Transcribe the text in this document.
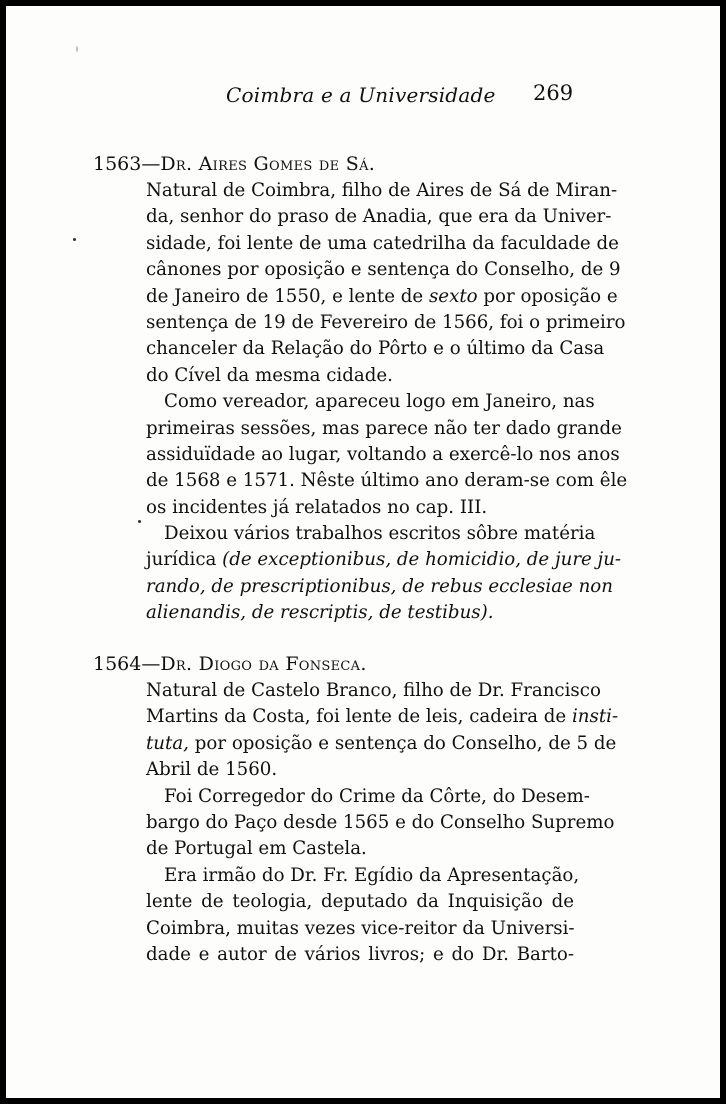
Coimbra e a Universidade 269
1563—Dr. Aires Gomes de Sá.
Natural de Coimbra, filho de Aires de Sá de Miran-
da, senhor do praso de Anadia, que era da Univer-
sidade, foi lente de uma catedrilha da faculdade de
cânones por oposição e sentença do Conselho, de 9
de Janeiro de 1550, e lente de sexto por oposição e
sentença de 19 de Fevereiro de 1566, foi o primeiro
chanceler da Relação do Pôrto e o último da Casa
do Cível da mesma cidade.
Como vereador, apareceu logo em Janeiro, nas
primeiras sessões, mas parece não ter dado grande
assiduïdade ao lugar, voltando a exercê-lo nos anos
de 1568 e 1571. Nêste último ano deram-se com êle
os incidentes já relatados no cap. III.
Deixou vários trabalhos escritos sôbre matéria
jurídica (de exceptionibus, de homicidio, de jure ju-
rando, de prescriptionibus, de rebus ecclesiae non
alienandis, de rescriptis, de testibus).
1564—Dr. Diogo da Fonseca.
Natural de Castelo Branco, filho de Dr. Francisco
Martins da Costa, foi lente de leis, cadeira de insti-
tuta, por oposição e sentença do Conselho, de 5 de
Abril de 1560.
Foi Corregedor do Crime da Côrte, do Desem-
bargo do Paço desde 1565 e do Conselho Supremo
de Portugal em Castela.
Era irmão do Dr. Fr. Egídio da Apresentação,
lente de teologia, deputado da Inquisição de
Coimbra, muitas vezes vice-reitor da Universi-
dade e autor de vários livros; e do Dr. Barto-
